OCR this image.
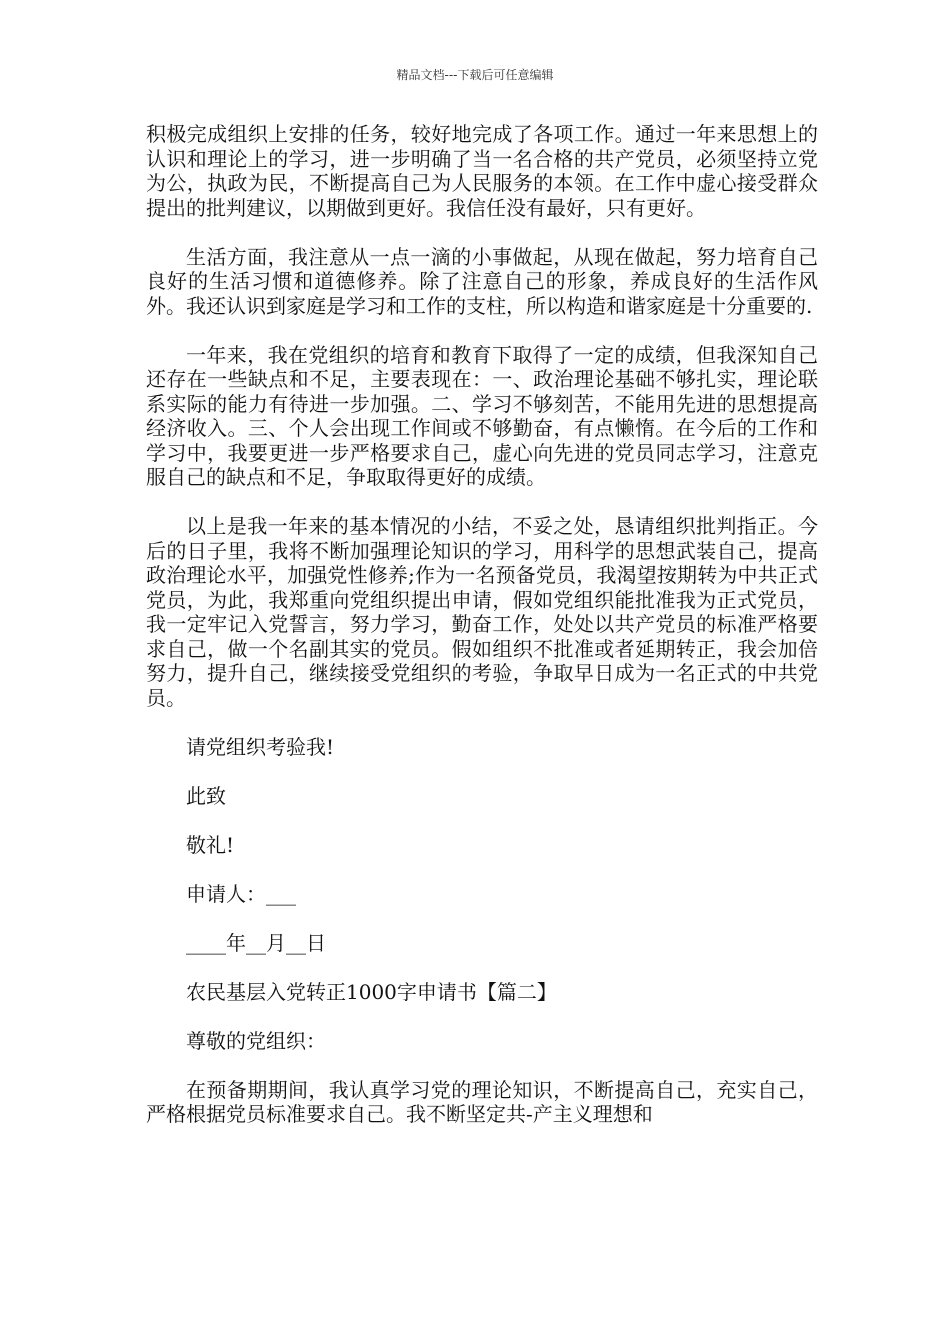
精品文档---下载后可任意编辑

积极完成组织上安排的任务，较好地完成了各项工作。通过一年来思想上的认识和理论上的学习，进一步明确了当一名合格的共产党员，必须坚持立党为公，执政为民，不断提高自己为人民服务的本领。在工作中虚心接受群众提出的批判建议，以期做到更好。我信任没有最好，只有更好。

生活方面，我注意从一点一滴的小事做起，从现在做起，努力培育自己良好的生活习惯和道德修养。除了注意自己的形象，养成良好的生活作风外。我还认识到家庭是学习和工作的支柱，所以构造和谐家庭是十分重要的.

一年来，我在党组织的培育和教育下取得了一定的成绩，但我深知自己还存在一些缺点和不足，主要表现在：一、政治理论基础不够扎实，理论联系实际的能力有待进一步加强。二、学习不够刻苦，不能用先进的思想提高经济收入。三、个人会出现工作间或不够勤奋，有点懒惰。在今后的工作和学习中，我要更进一步严格要求自己，虚心向先进的党员同志学习，注意克服自己的缺点和不足，争取取得更好的成绩。

以上是我一年来的基本情况的小结，不妥之处，恳请组织批判指正。今后的日子里，我将不断加强理论知识的学习，用科学的思想武装自己，提高政治理论水平，加强党性修养;作为一名预备党员，我渴望按期转为中共正式党员，为此，我郑重向党组织提出申请，假如党组织能批准我为正式党员，我一定牢记入党誓言，努力学习，勤奋工作，处处以共产党员的标准严格要求自己，做一个名副其实的党员。假如组织不批准或者延期转正，我会加倍努力，提升自己，继续接受党组织的考验，争取早日成为一名正式的中共党员。

请党组织考验我!

此致

敬礼!

申请人：___

____年__月__日

农民基层入党转正1000字申请书【篇二】

尊敬的党组织：

在预备期期间，我认真学习党的理论知识，不断提高自己，充实自己，严格根据党员标准要求自己。我不断坚定共-产主义理想和
